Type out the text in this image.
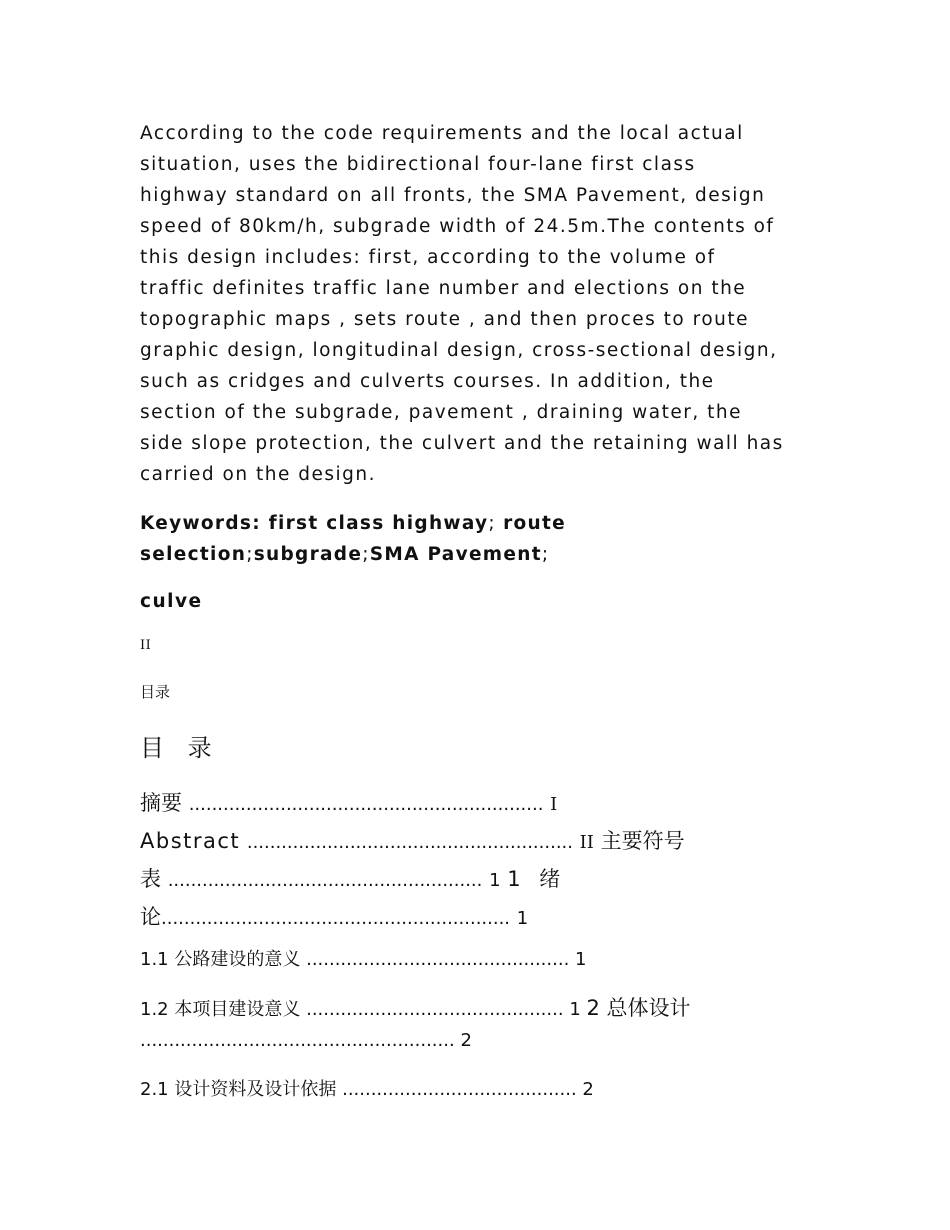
According to the code requirements and the local actual
situation, uses the bidirectional four-lane first class
highway standard on all fronts, the SMA Pavement, design
speed of 80km/h, subgrade width of 24.5m.The contents of
this design includes: first, according to the volume of
traffic definites traffic lane number and elections on the
topographic maps , sets route , and then proces to route
graphic design, longitudinal design, cross-sectional design,
such as cridges and culverts courses. In addition, the
section of the subgrade, pavement , draining water, the
side slope protection, the culvert and the retaining wall has
carried on the design.
Keywords: first class highway; route
selection;subgrade;SMA Pavement;
culve
II
目录
目 录
摘要 .............................................................. I
Abstract ......................................................... II 主要符号
表 ....................................................... 1 1 绪
论............................................................. 1
1.1 公路建设的意义 .............................................. 1
1.2 本项目建设意义 ............................................. 1 2 总体设计
....................................................... 2
2.1 设计资料及设计依据 ......................................... 2
